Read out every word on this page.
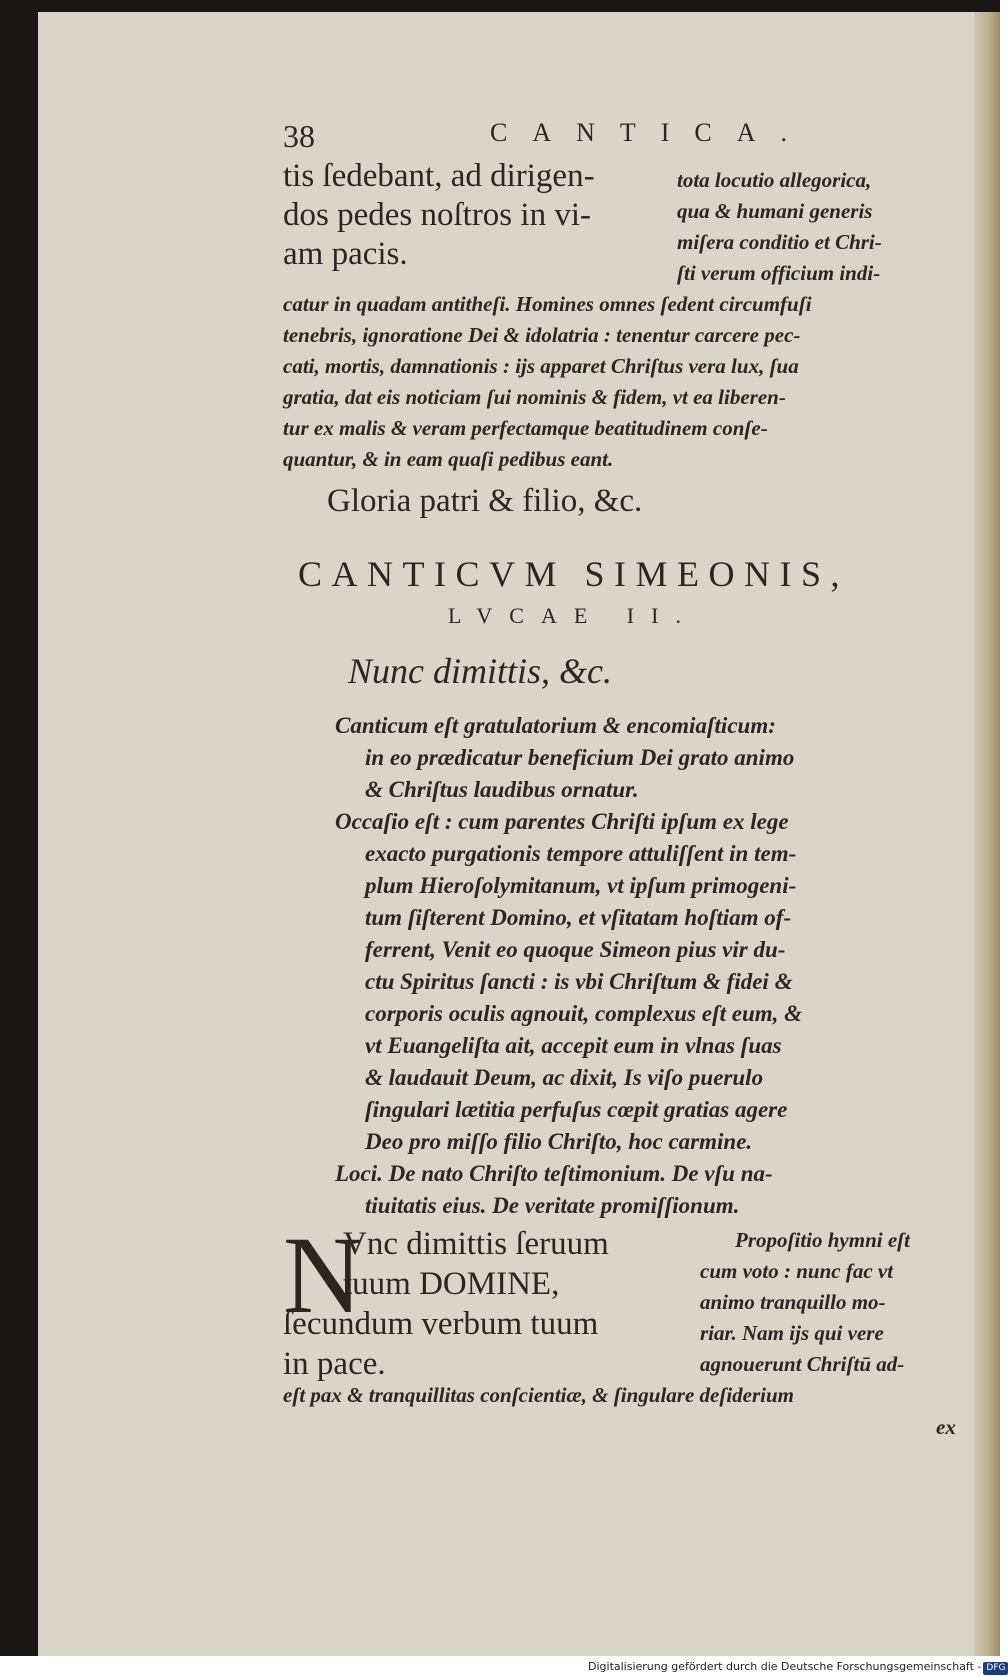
38	CANTICA.
tis ſedebant, ad dirigen-
dos pedes noſtros in vi-
am pacis.
tota locutio allegorica,
qua & humani generis
miſera conditio et Chri-
ſti verum officium indi-
catur in quadam antitheſi. Homines omnes ſedent circumfuſi
tenebris, ignoratione Dei & idolatria : tenentur carcere pec-
cati, mortis, damnationis : ijs apparet Chriſtus vera lux, ſua
gratia, dat eis noticiam ſui nominis & fidem, vt ea liberen-
tur ex malis & veram perfectamque beatitudinem conſe-
quantur, & in eam quaſi pedibus eant.
Gloria patri & filio, &c.
CANTICVM SIMEONIS,
LVCAE II.
Nunc dimittis, &c.
Canticum eſt gratulatorium & encomiaſticum:
in eo prædicatur beneficium Dei grato animo
& Chriſtus laudibus ornatur.
Occaſio eſt : cum parentes Chriſti ipſum ex lege
exacto purgationis tempore attuliſſent in tem-
plum Hieroſolymitanum, vt ipſum primogeni-
tum ſiſterent Domino, et vſitatam hoſtiam of-
ferrent, Venit eo quoque Simeon pius vir du-
ctu Spiritus ſancti : is vbi Chriſtum & fidei &
corporis oculis agnouit, complexus eſt eum, &
vt Euangeliſta ait, accepit eum in vlnas ſuas
& laudauit Deum, ac dixit, Is viſo puerulo
ſingulari lætitia perfuſus cœpit gratias agere
Deo pro miſſo filio Chriſto, hoc carmine.
Loci. De nato Chriſto teſtimonium. De vſu na-
tiuitatis eius. De veritate promiſſionum.
N
Vnc dimittis ſeruum
tuum DOMINE,
ſecundum verbum tuum
in pace.
Propoſitio hymni eſt
cum voto : nunc fac vt
animo tranquillo mo-
riar. Nam ijs qui vere
agnouerunt Chriſtū ad-
eſt pax & tranquillitas conſcientiæ, & ſingulare deſiderium
ex
Digitalisierung gefördert durch die Deutsche Forschungsgemeinschaft - DFG
